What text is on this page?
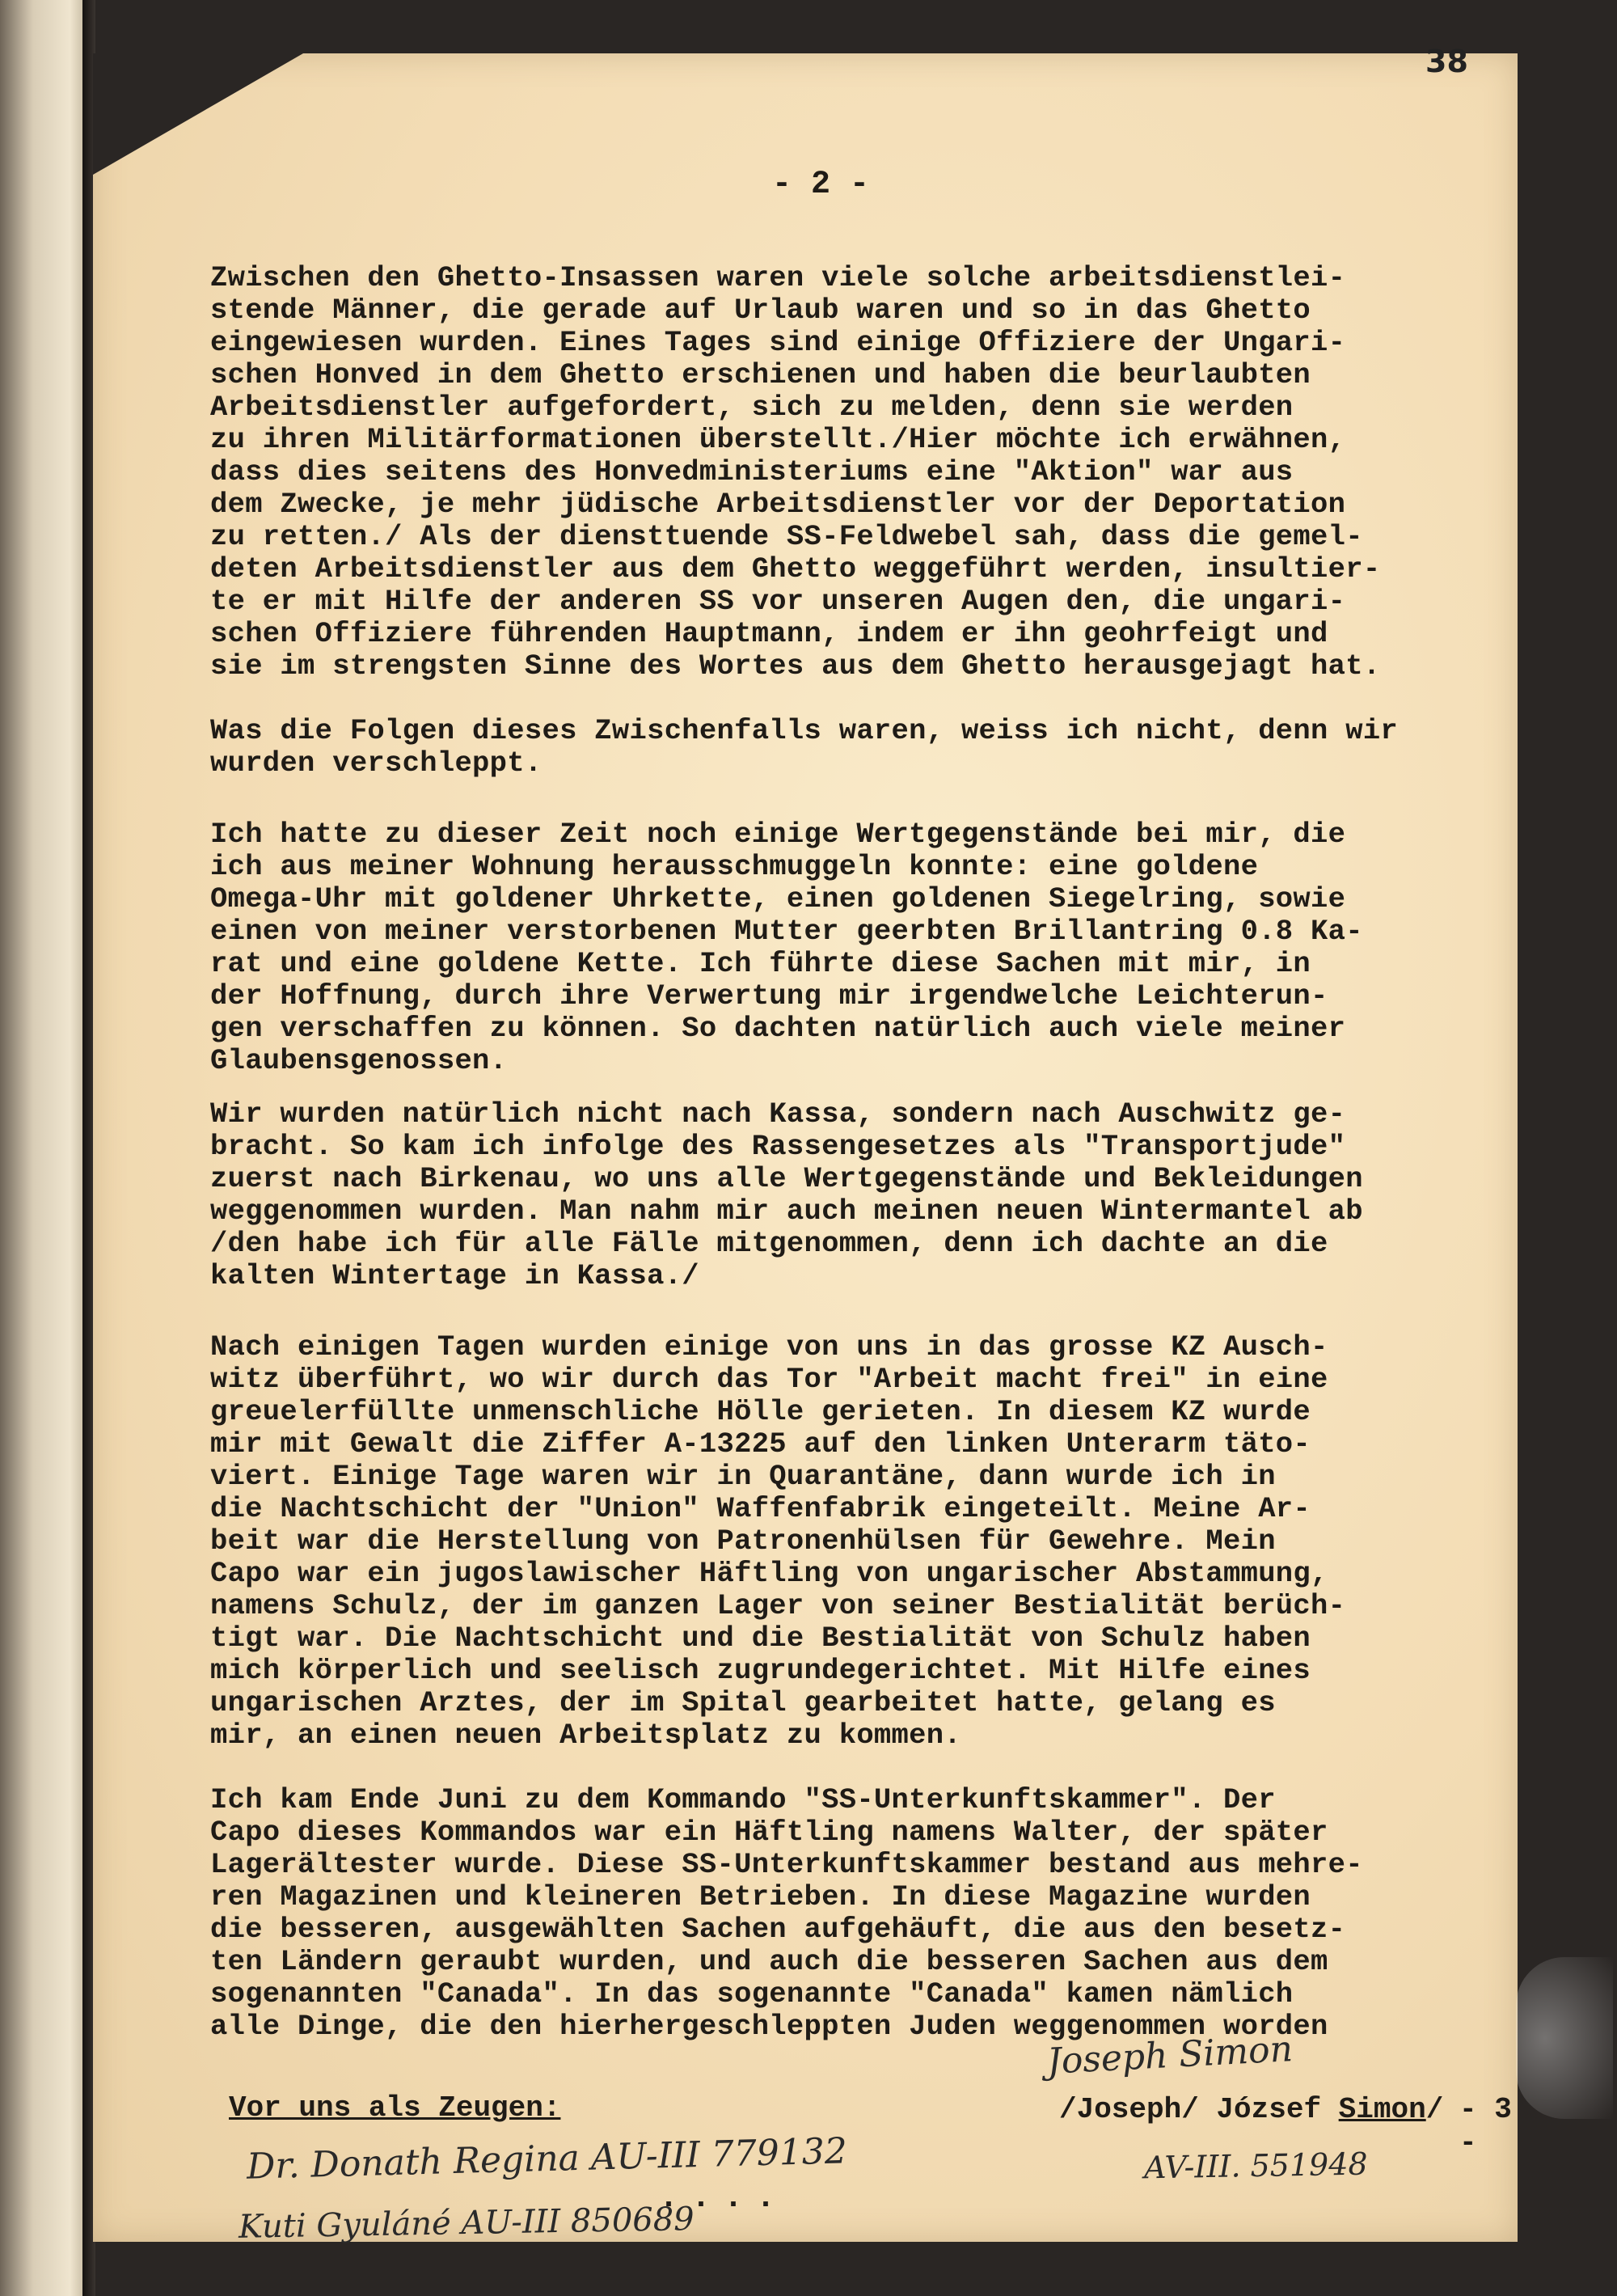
38
- 2 -

Zwischen den Ghetto-Insassen waren viele solche arbeitsdienstlei-
stende Männer, die gerade auf Urlaub waren und so in das Ghetto
eingewiesen wurden. Eines Tages sind einige Offiziere der Ungari-
schen Honved in dem Ghetto erschienen und haben die beurlaubten
Arbeitsdienstler aufgefordert, sich zu melden, denn sie werden
zu ihren Militärformationen überstellt./Hier möchte ich erwähnen,
dass dies seitens des Honvedministeriums eine "Aktion" war aus
dem Zwecke, je mehr jüdische Arbeitsdienstler vor der Deportation
zu retten./ Als der diensttuende SS-Feldwebel sah, dass die gemel-
deten Arbeitsdienstler aus dem Ghetto weggeführt werden, insultier-
te er mit Hilfe der anderen SS vor unseren Augen den, die ungari-
schen Offiziere führenden Hauptmann, indem er ihn geohrfeigt und
sie im strengsten Sinne des Wortes aus dem Ghetto herausgejagt hat.

Was die Folgen dieses Zwischenfalls waren, weiss ich nicht, denn wir
wurden verschleppt.

Ich hatte zu dieser Zeit noch einige Wertgegenstände bei mir, die
ich aus meiner Wohnung herausschmuggeln konnte: eine goldene
Omega-Uhr mit goldener Uhrkette, einen goldenen Siegelring, sowie
einen von meiner verstorbenen Mutter geerbten Brillantring 0.8 Ka-
rat und eine goldene Kette. Ich führte diese Sachen mit mir, in
der Hoffnung, durch ihre Verwertung mir irgendwelche Leichterun-
gen verschaffen zu können. So dachten natürlich auch viele meiner
Glaubensgenossen.

Wir wurden natürlich nicht nach Kassa, sondern nach Auschwitz ge-
bracht. So kam ich infolge des Rassengesetzes als "Transportjude"
zuerst nach Birkenau, wo uns alle Wertgegenstände und Bekleidungen
weggenommen wurden. Man nahm mir auch meinen neuen Wintermantel ab
/den habe ich für alle Fälle mitgenommen, denn ich dachte an die
kalten Wintertage in Kassa./

Nach einigen Tagen wurden einige von uns in das grosse KZ Ausch-
witz überführt, wo wir durch das Tor "Arbeit macht frei" in eine
greuelerfüllte unmenschliche Hölle gerieten. In diesem KZ wurde
mir mit Gewalt die Ziffer A-13225 auf den linken Unterarm täto-
viert. Einige Tage waren wir in Quarantäne, dann wurde ich in
die Nachtschicht der "Union" Waffenfabrik eingeteilt. Meine Ar-
beit war die Herstellung von Patronenhülsen für Gewehre. Mein
Capo war ein jugoslawischer Häftling von ungarischer Abstammung,
namens Schulz, der im ganzen Lager von seiner Bestialität berüch-
tigt war. Die Nachtschicht und die Bestialität von Schulz haben
mich körperlich und seelisch zugrundegerichtet. Mit Hilfe eines
ungarischen Arztes, der im Spital gearbeitet hatte, gelang es
mir, an einen neuen Arbeitsplatz zu kommen.

Ich kam Ende Juni zu dem Kommando "SS-Unterkunftskammer". Der
Capo dieses Kommandos war ein Häftling namens Walter, der später
Lagerältester wurde. Diese SS-Unterkunftskammer bestand aus mehre-
ren Magazinen und kleineren Betrieben. In diese Magazine wurden
die besseren, ausgewählten Sachen aufgehäuft, die aus den besetz-
ten Ländern geraubt wurden, und auch die besseren Sachen aus dem
sogenannten "Canada". In das sogenannte "Canada" kamen nämlich
alle Dinge, die den hierhergeschleppten Juden weggenommen worden

Vor uns als Zeugen:
Dr. Donath Regina AU-III 779132
Kuti Gyuláné AU-III 850689
....
Joseph Simon
/Joseph/ József Simon/
AV-III. 551948
- 3 -
